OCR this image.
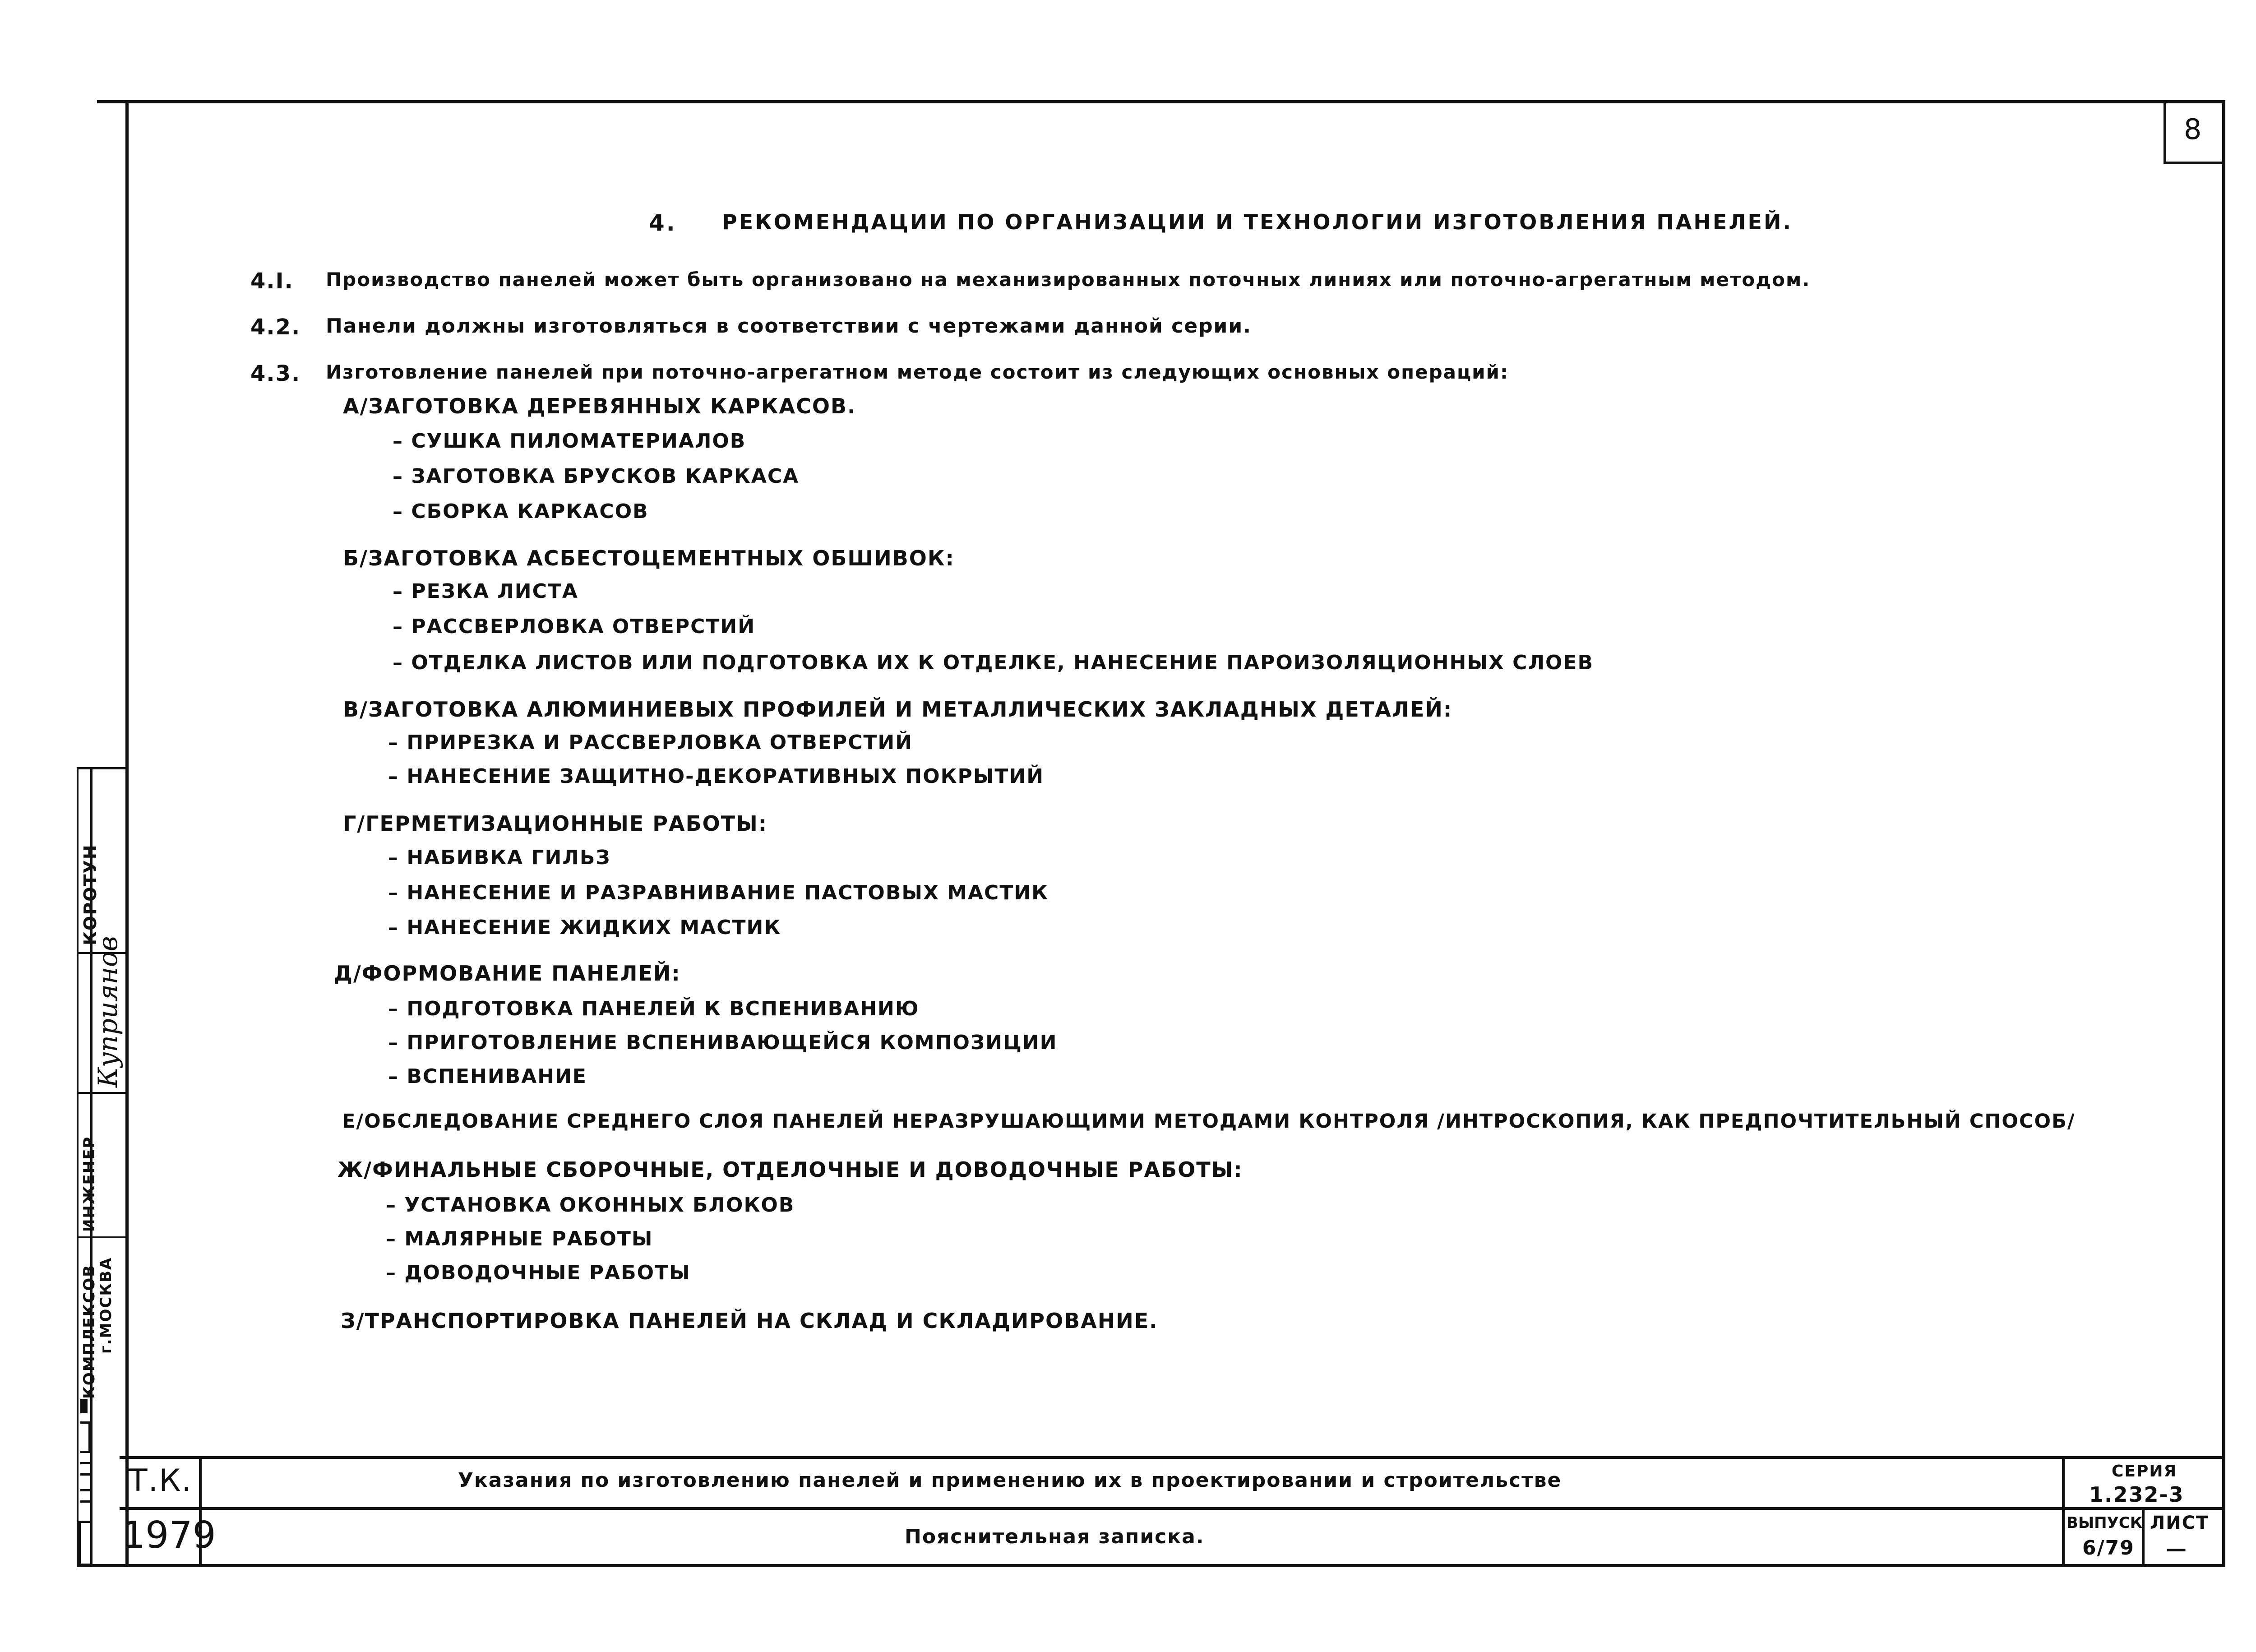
8
4. РЕКОМЕНДАЦИИ ПО ОРГАНИЗАЦИИ И ТЕХНОЛОГИИ ИЗГОТОВЛЕНИЯ ПАНЕЛЕЙ.
4.I. Производство панелей может быть организовано на механизированных поточных линиях или поточно-агрегатным методом.
4.2. Панели должны изготовляться в соответствии с чертежами данной серии.
4.3. Изготовление панелей при поточно-агрегатном методе состоит из следующих основных операций:
А/ЗАГОТОВКА ДЕРЕВЯННЫХ КАРКАСОВ.
– СУШКА ПИЛОМАТЕРИАЛОВ
– ЗАГОТОВКА БРУСКОВ КАРКАСА
– СБОРКА КАРКАСОВ
Б/ЗАГОТОВКА АСБЕСТОЦЕМЕНТНЫХ ОБШИВОК:
– РЕЗКА ЛИСТА
– РАССВЕРЛОВКА ОТВЕРСТИЙ
– ОТДЕЛКА ЛИСТОВ ИЛИ ПОДГОТОВКА ИХ К ОТДЕЛКЕ, НАНЕСЕНИЕ ПАРОИЗОЛЯЦИОННЫХ СЛОЕВ
В/ЗАГОТОВКА АЛЮМИНИЕВЫХ ПРОФИЛЕЙ И МЕТАЛЛИЧЕСКИХ ЗАКЛАДНЫХ ДЕТАЛЕЙ:
– ПРИРЕЗКА И РАССВЕРЛОВКА ОТВЕРСТИЙ
– НАНЕСЕНИЕ ЗАЩИТНО-ДЕКОРАТИВНЫХ ПОКРЫТИЙ
Г/ГЕРМЕТИЗАЦИОННЫЕ РАБОТЫ:
– НАБИВКА ГИЛЬЗ
– НАНЕСЕНИЕ И РАЗРАВНИВАНИЕ ПАСТОВЫХ МАСТИК
– НАНЕСЕНИЕ ЖИДКИХ МАСТИК
Д/ФОРМОВАНИЕ ПАНЕЛЕЙ:
– ПОДГОТОВКА ПАНЕЛЕЙ К ВСПЕНИВАНИЮ
– ПРИГОТОВЛЕНИЕ ВСПЕНИВАЮЩЕЙСЯ КОМПОЗИЦИИ
– ВСПЕНИВАНИЕ
Е/ОБСЛЕДОВАНИЕ СРЕДНЕГО СЛОЯ ПАНЕЛЕЙ НЕРАЗРУШАЮЩИМИ МЕТОДАМИ КОНТРОЛЯ /ИНТРОСКОПИЯ, КАК ПРЕДПОЧТИТЕЛЬНЫЙ СПОСОБ/
Ж/ФИНАЛЬНЫЕ СБОРОЧНЫЕ, ОТДЕЛОЧНЫЕ И ДОВОДОЧНЫЕ РАБОТЫ:
– УСТАНОВКА ОКОННЫХ БЛОКОВ
– МАЛЯРНЫЕ РАБОТЫ
– ДОВОДОЧНЫЕ РАБОТЫ
З/ТРАНСПОРТИРОВКА ПАНЕЛЕЙ НА СКЛАД И СКЛАДИРОВАНИЕ.
Т.К.
1979
Указания по изготовлению панелей и применению их в проектировании и строительстве
Пояснительная записка.
СЕРИЯ
1.232-3
ВЫПУСК
6/79
ЛИСТ
—
КОРОТУН
Куприянов
ИНЖЕНЕР
КОМПЛЕКСОВ
г.МОСКВА
